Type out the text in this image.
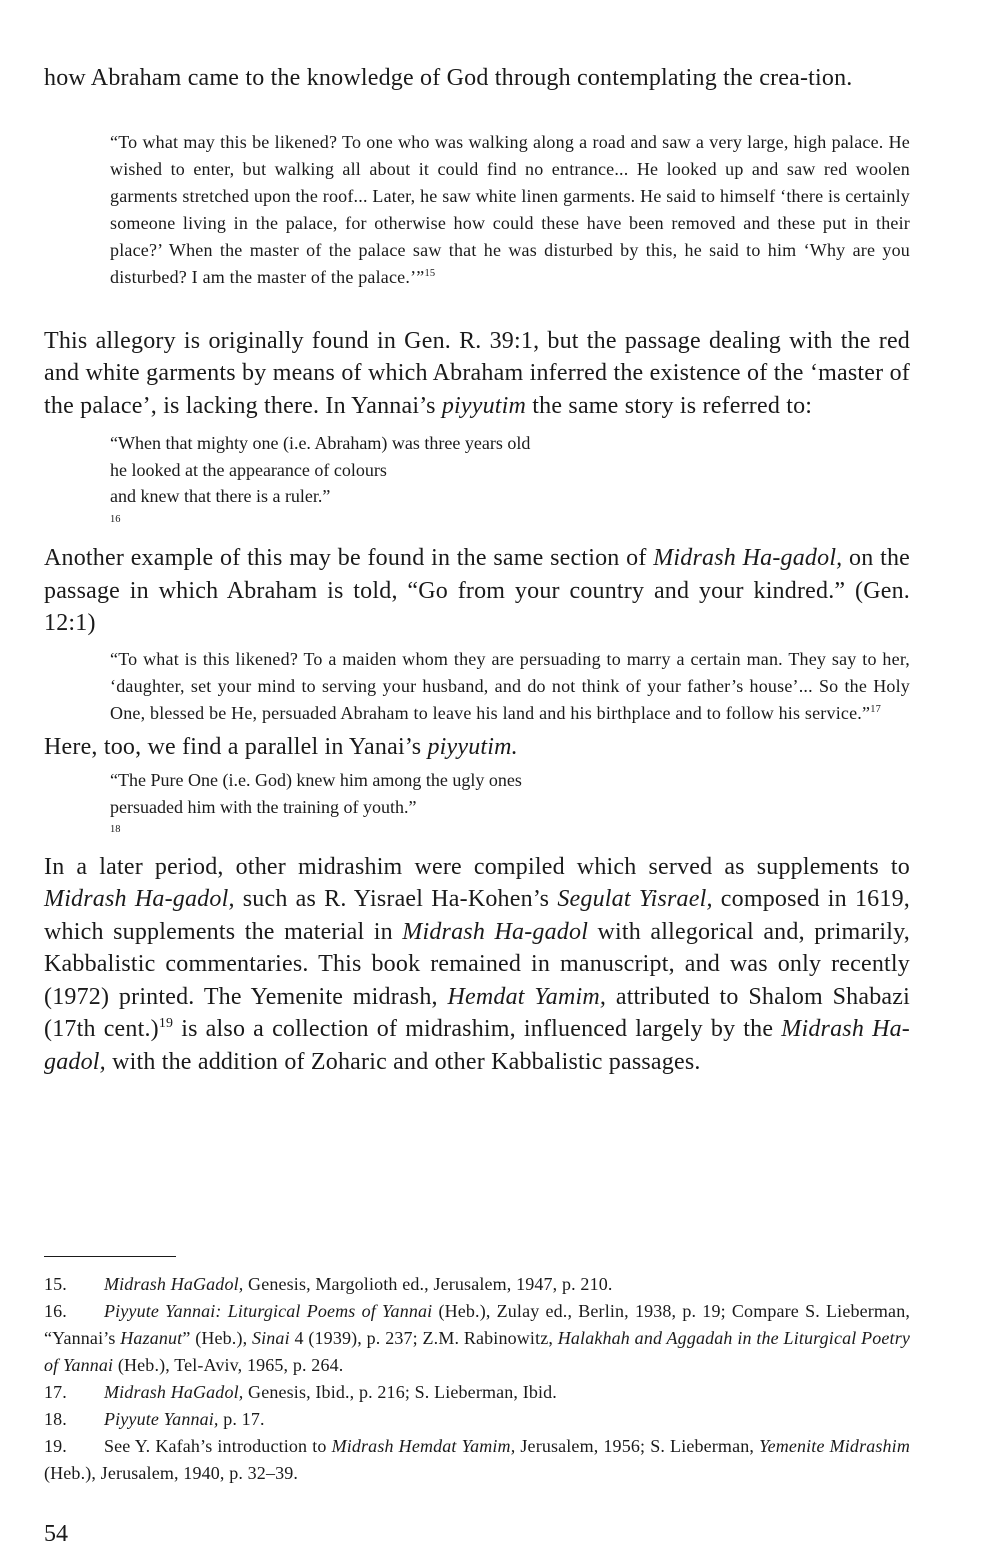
how Abraham came to the knowledge of God through contemplating the crea-tion.

“To what may this be likened? To one who was walking along a road and saw a very large, high palace. He wished to enter, but walking all about it could find no entrance... He looked up and saw red woolen garments stretched upon the roof... Later, he saw white linen garments. He said to himself ‘there is certainly someone living in the palace, for otherwise how could these have been removed and these put in their place?’ When the master of the palace saw that he was disturbed by this, he said to him ‘Why are you disturbed? I am the master of the palace.’”$^{15}$

This allegory is originally found in Gen. R. 39:1, but the passage dealing with the red and white garments by means of which Abraham inferred the existence of the ‘master of the palace’, is lacking there. In Yannai’s piyyutim the same story is referred to:

“When that mighty one (i.e. Abraham) was three years old
he looked at the appearance of colours
and knew that there is a ruler.”
$^{16}$

Another example of this may be found in the same section of Midrash Ha-gadol, on the passage in which Abraham is told, “Go from your country and your kindred.” (Gen. 12:1)

“To what is this likened? To a maiden whom they are persuading to marry a certain man. They say to her, ‘daughter, set your mind to serving your husband, and do not think of your father’s house’... So the Holy One, blessed be He, persuaded Abraham to leave his land and his birthplace and to follow his service.”$^{17}$

Here, too, we find a parallel in Yanai’s piyyutim.

“The Pure One (i.e. God) knew him among the ugly ones
persuaded him with the training of youth.”
$^{18}$

In a later period, other midrashim were compiled which served as supplements to Midrash Ha-gadol, such as R. Yisrael Ha-Kohen’s Segulat Yisrael, composed in 1619, which supplements the material in Midrash Ha-gadol with allegorical and, primarily, Kabbalistic commentaries. This book remained in manuscript, and was only recently (1972) printed. The Yemenite midrash, Hemdat Yamim, attributed to Shalom Shabazi (17th cent.)$^{19}$ is also a collection of midrashim, influenced largely by the Midrash Ha-gadol, with the addition of Zoharic and other Kabbalistic passages.

15. Midrash HaGadol, Genesis, Margolioth ed., Jerusalem, 1947, p. 210.

16. Piyyute Yannai: Liturgical Poems of Yannai (Heb.), Zulay ed., Berlin, 1938, p. 19; Compare S. Lieberman, “Yannai’s Hazanut” (Heb.), Sinai 4 (1939), p. 237; Z.M. Rabinowitz, Halakhah and Aggadah in the Liturgical Poetry of Yannai (Heb.), Tel-Aviv, 1965, p. 264.

17. Midrash HaGadol, Genesis, Ibid., p. 216; S. Lieberman, Ibid.

18. Piyyute Yannai, p. 17.

19. See Y. Kafah’s introduction to Midrash Hemdat Yamim, Jerusalem, 1956; S. Lieberman, Yemenite Midrashim (Heb.), Jerusalem, 1940, p. 32–39.

54
